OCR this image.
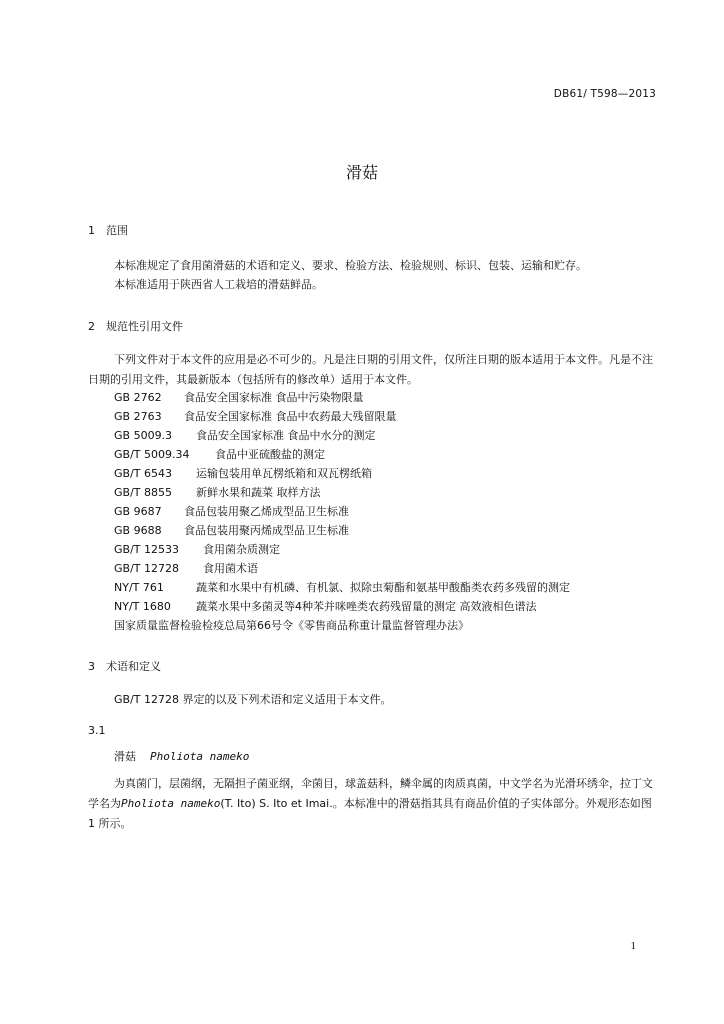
DB61/ T598—2013
滑菇
1 范围
本标准规定了食用菌滑菇的术语和定义、要求、检验方法、检验规则、标识、包装、运输和贮存。
本标准适用于陕西省人工栽培的滑菇鲜品。
2 规范性引用文件
下列文件对于本文件的应用是必不可少的。凡是注日期的引用文件，仅所注日期的版本适用于本文件。凡是不注日期的引用文件，其最新版本（包括所有的修改单）适用于本文件。
GB 2762 食品安全国家标准 食品中污染物限量
GB 2763 食品安全国家标准 食品中农药最大残留限量
GB 5009.3 食品安全国家标准 食品中水分的测定
GB/T 5009.34 食品中亚硫酸盐的测定
GB/T 6543 运输包装用单瓦楞纸箱和双瓦楞纸箱
GB/T 8855 新鲜水果和蔬菜 取样方法
GB 9687 食品包装用聚乙烯成型品卫生标准
GB 9688 食品包装用聚丙烯成型品卫生标准
GB/T 12533 食用菌杂质测定
GB/T 12728 食用菌术语
NY/T 761	蔬菜和水果中有机磷、有机氯、拟除虫菊酯和氨基甲酸酯类农药多残留的测定
NY/T 1680 蔬菜水果中多菌灵等4种苯并咪唑类农药残留量的测定 高效液相色谱法
国家质量监督检验检疫总局第66号令《零售商品称重计量监督管理办法》
3 术语和定义
GB/T 12728 界定的以及下列术语和定义适用于本文件。
3.1
滑菇 Pholiota nameko
为真菌门，层菌纲，无隔担子菌亚纲，伞菌目，球盖菇科，鳞伞属的肉质真菌，中文学名为光滑环绣伞，拉丁文学名为Pholiota nameko(T. Ito) S. Ito et Imai.。本标准中的滑菇指其具有商品价值的子实体部分。外观形态如图 1 所示。
1
